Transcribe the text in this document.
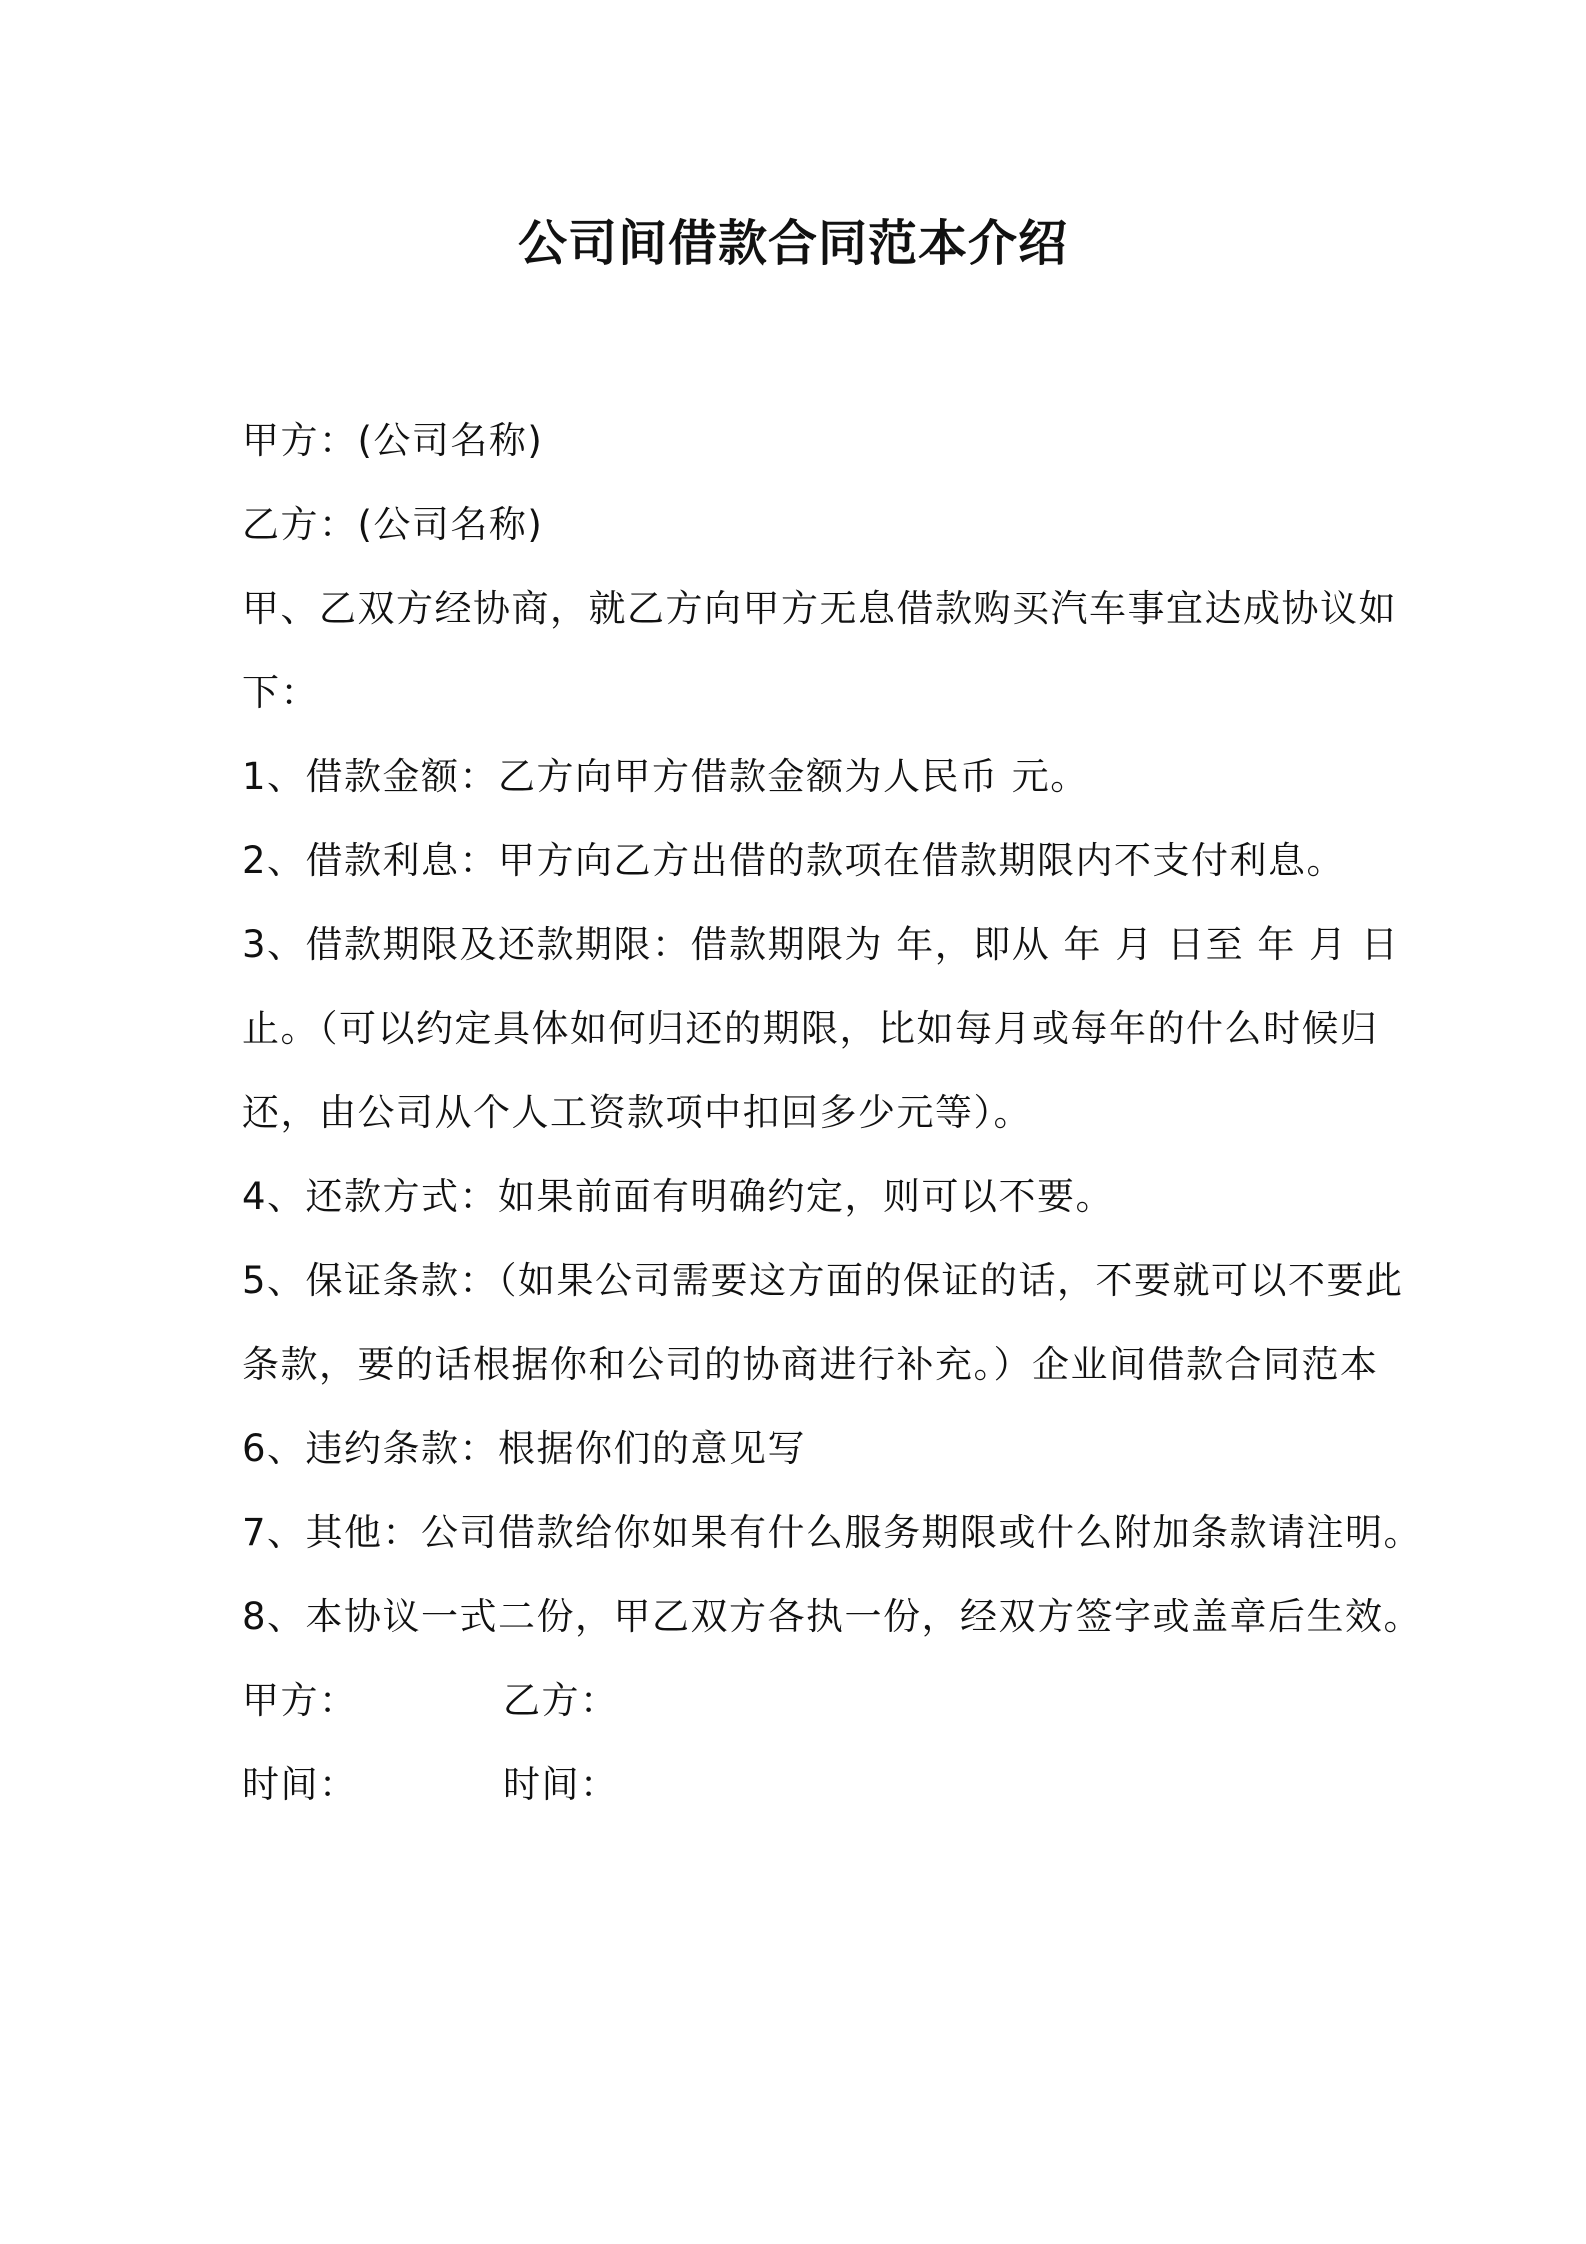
公司间借款合同范本介绍
甲方：(公司名称)
乙方：(公司名称)
甲、乙双方经协商，就乙方向甲方无息借款购买汽车事宜达成协议如
下：
1、借款金额：乙方向甲方借款金额为人民币 元。
2、借款利息：甲方向乙方出借的款项在借款期限内不支付利息。
3、借款期限及还款期限：借款期限为 年，即从 年 月 日至 年 月 日
止。（可以约定具体如何归还的期限，比如每月或每年的什么时候归
还，由公司从个人工资款项中扣回多少元等）。
4、还款方式：如果前面有明确约定，则可以不要。
5、保证条款：（如果公司需要这方面的保证的话，不要就可以不要此
条款，要的话根据你和公司的协商进行补充。）企业间借款合同范本
6、违约条款：根据你们的意见写
7、其他：公司借款给你如果有什么服务期限或什么附加条款请注明。
8、本协议一式二份，甲乙双方各执一份，经双方签字或盖章后生效。
甲方：	乙方：
时间：	时间：
